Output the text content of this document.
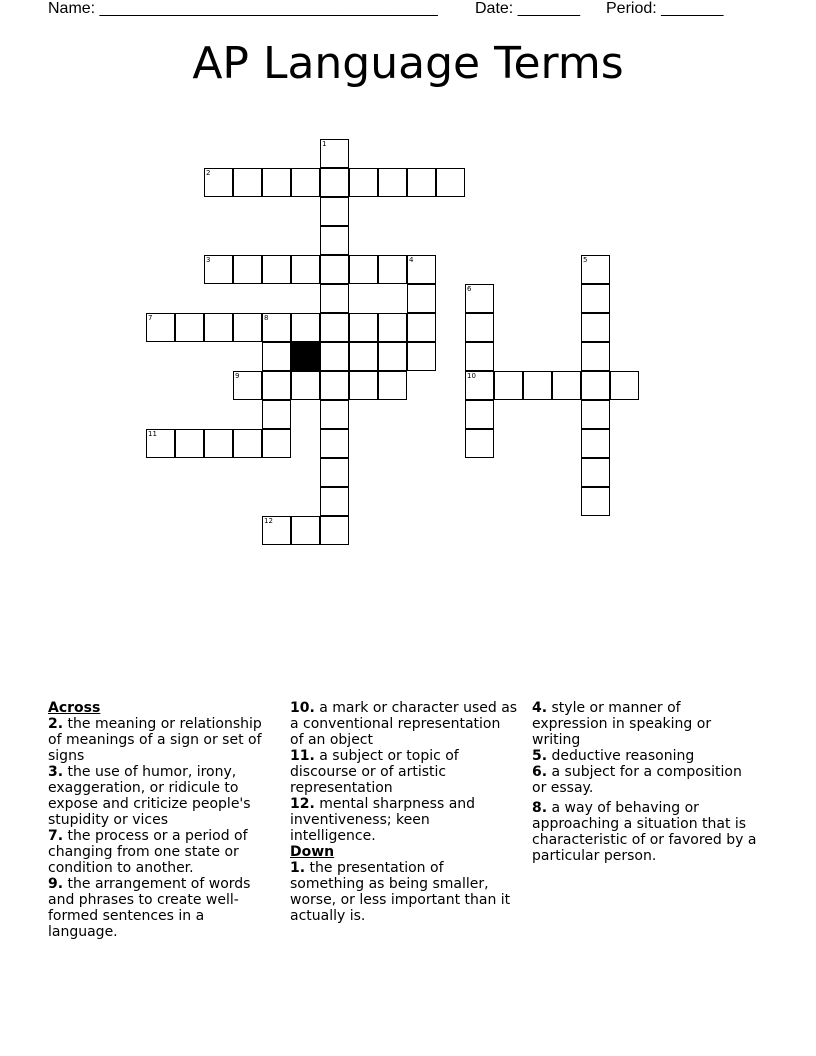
Name: ______________________________________ Date: _______ Period: _______
AP Language Terms
1
2
3	4	5
6
10
7	8
9
11
12
Across
2. the meaning or relationship of meanings of a sign or set of signs
3. the use of humor, irony, exaggeration, or ridicule to expose and criticize people's stupidity or vices
7. the process or a period of changing from one state or condition to another.
9. the arrangement of words and phrases to create well-formed sentences in a language.
10. a mark or character used as a conventional representation of an object
11. a subject or topic of discourse or of artistic representation
12. mental sharpness and inventiveness; keen intelligence.
Down
1. the presentation of something as being smaller, worse, or less important than it actually is.
4. style or manner of expression in speaking or writing
5. deductive reasoning
6. a subject for a composition or essay.
8. a way of behaving or approaching a situation that is characteristic of or favored by a particular person.
